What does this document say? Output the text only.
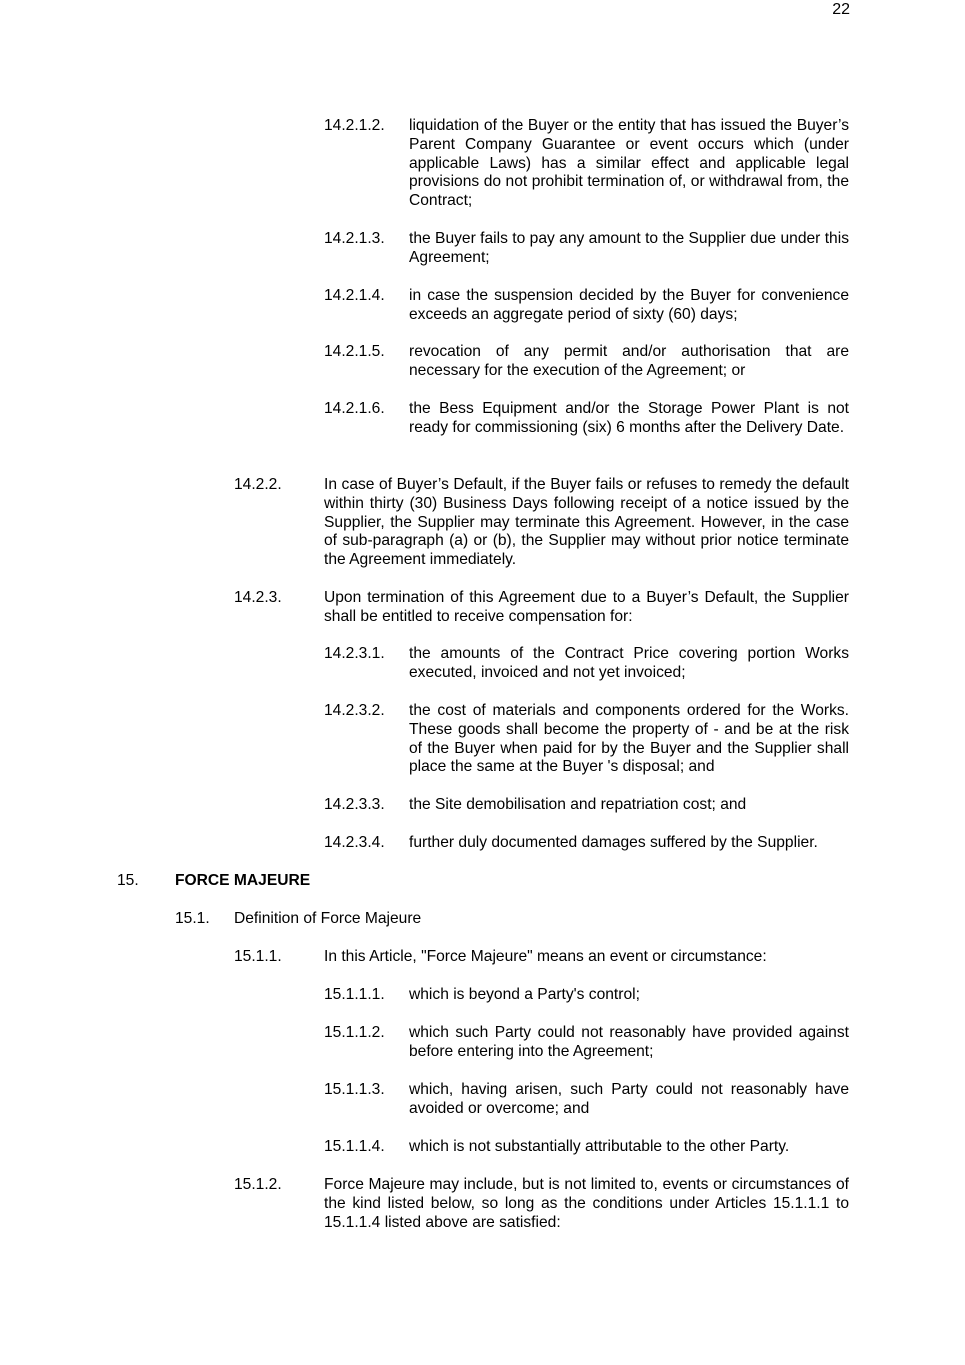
22
14.2.1.2. liquidation of the Buyer or the entity that has issued the Buyer’s Parent Company Guarantee or event occurs which (under applicable Laws) has a similar effect and applicable legal provisions do not prohibit termination of, or withdrawal from, the Contract;
14.2.1.3. the Buyer fails to pay any amount to the Supplier due under this Agreement;
14.2.1.4. in case the suspension decided by the Buyer for convenience exceeds an aggregate period of sixty (60) days;
14.2.1.5. revocation of any permit and/or authorisation that are necessary for the execution of the Agreement; or
14.2.1.6. the Bess Equipment and/or the Storage Power Plant is not ready for commissioning (six) 6 months after the Delivery Date.
14.2.2.	In case of Buyer’s Default, if the Buyer fails or refuses to remedy the default within thirty (30) Business Days following receipt of a notice issued by the Supplier, the Supplier may terminate this Agreement. However, in the case of sub-paragraph (a) or (b), the Supplier may without prior notice terminate the Agreement immediately.
14.2.3.	Upon termination of this Agreement due to a Buyer’s Default, the Supplier shall be entitled to receive compensation for:
14.2.3.1. the amounts of the Contract Price covering portion Works executed, invoiced and not yet invoiced;
14.2.3.2. the cost of materials and components ordered for the Works. These goods shall become the property of - and be at the risk of the Buyer when paid for by the Buyer and the Supplier shall place the same at the Buyer 's disposal; and
14.2.3.3. the Site demobilisation and repatriation cost; and
14.2.3.4. further duly documented damages suffered by the Supplier.
15. FORCE MAJEURE
15.1. Definition of Force Majeure
15.1.1.	In this Article, "Force Majeure" means an event or circumstance:
15.1.1.1. which is beyond a Party's control;
15.1.1.2. which such Party could not reasonably have provided against before entering into the Agreement;
15.1.1.3. which, having arisen, such Party could not reasonably have avoided or overcome; and
15.1.1.4. which is not substantially attributable to the other Party.
15.1.2.	Force Majeure may include, but is not limited to, events or circumstances of the kind listed below, so long as the conditions under Articles 15.1.1.1 to 15.1.1.4 listed above are satisfied:
